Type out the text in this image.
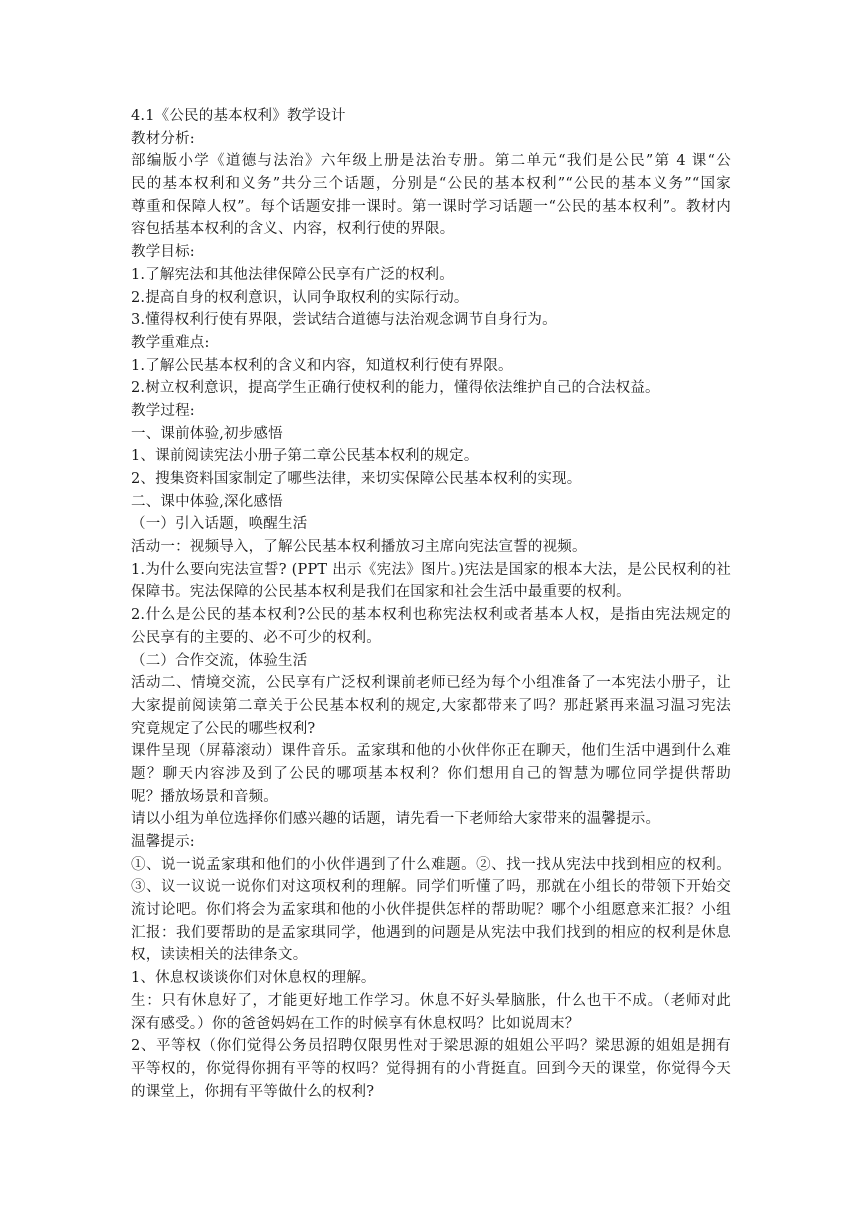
4.1《公民的基本权利》教学设计
教材分析:
部编版小学《道德与法治》六年级上册是法治专册。第二单元“我们是公民”第 4 课“公
民的基本权利和义务”共分三个话题，分别是“公民的基本权利”“公民的基本义务”“国家
尊重和保障人权”。每个话题安排一课时。第一课时学习话题一“公民的基本权利”。教材内
容包括基本权利的含义、内容，权利行使的界限。
教学目标:
1.了解宪法和其他法律保障公民享有广泛的权利。
2.提高自身的权利意识，认同争取权利的实际行动。
3.懂得权利行使有界限，尝试结合道德与法治观念调节自身行为。
教学重难点:
1.了解公民基本权利的含义和内容，知道权利行使有界限。
2.树立权利意识，提高学生正确行使权利的能力，懂得依法维护自己的合法权益。
教学过程:
一、课前体验,初步感悟
1、课前阅读宪法小册子第二章公民基本权利的规定。
2、搜集资料国家制定了哪些法律，来切实保障公民基本权利的实现。
二、课中体验,深化感悟
（一）引入话题，唤醒生活
活动一：视频导入，了解公民基本权利播放习主席向宪法宣誓的视频。
1.为什么要向宪法宣誓? (PPT 出示《宪法》图片。)宪法是国家的根本大法，是公民权利的社
保障书。宪法保障的公民基本权利是我们在国家和社会生活中最重要的权利。
2.什么是公民的基本权利?公民的基本权利也称宪法权利或者基本人权，是指由宪法规定的
公民享有的主要的、必不可少的权利。
（二）合作交流，体验生活
活动二、情境交流，公民享有广泛权利课前老师已经为每个小组准备了一本宪法小册子，让
大家提前阅读第二章关于公民基本权利的规定,大家都带来了吗？那赶紧再来温习温习宪法
究竟规定了公民的哪些权利?
课件呈现（屏幕滚动）课件音乐。孟家琪和他的小伙伴你正在聊天，他们生活中遇到什么难
题？聊天内容涉及到了公民的哪项基本权利？你们想用自己的智慧为哪位同学提供帮助
呢？播放场景和音频。
请以小组为单位选择你们感兴趣的话题，请先看一下老师给大家带来的温馨提示。
温馨提示:
①、说一说孟家琪和他们的小伙伴遇到了什么难题。②、找一找从宪法中找到相应的权利。
③、议一议说一说你们对这项权利的理解。同学们听懂了吗，那就在小组长的带领下开始交
流讨论吧。你们将会为孟家琪和他的小伙伴提供怎样的帮助呢？哪个小组愿意来汇报？小组
汇报：我们要帮助的是孟家琪同学，他遇到的问题是从宪法中我们找到的相应的权利是休息
权，读读相关的法律条文。
1、休息权谈谈你们对休息权的理解。
生：只有休息好了，才能更好地工作学习。休息不好头晕脑胀，什么也干不成。（老师对此
深有感受。）你的爸爸妈妈在工作的时候享有休息权吗？比如说周末？
2、平等权（你们觉得公务员招聘仅限男性对于梁思源的姐姐公平吗？梁思源的姐姐是拥有
平等权的，你觉得你拥有平等的权吗？觉得拥有的小背挺直。回到今天的课堂，你觉得今天
的课堂上，你拥有平等做什么的权利?
